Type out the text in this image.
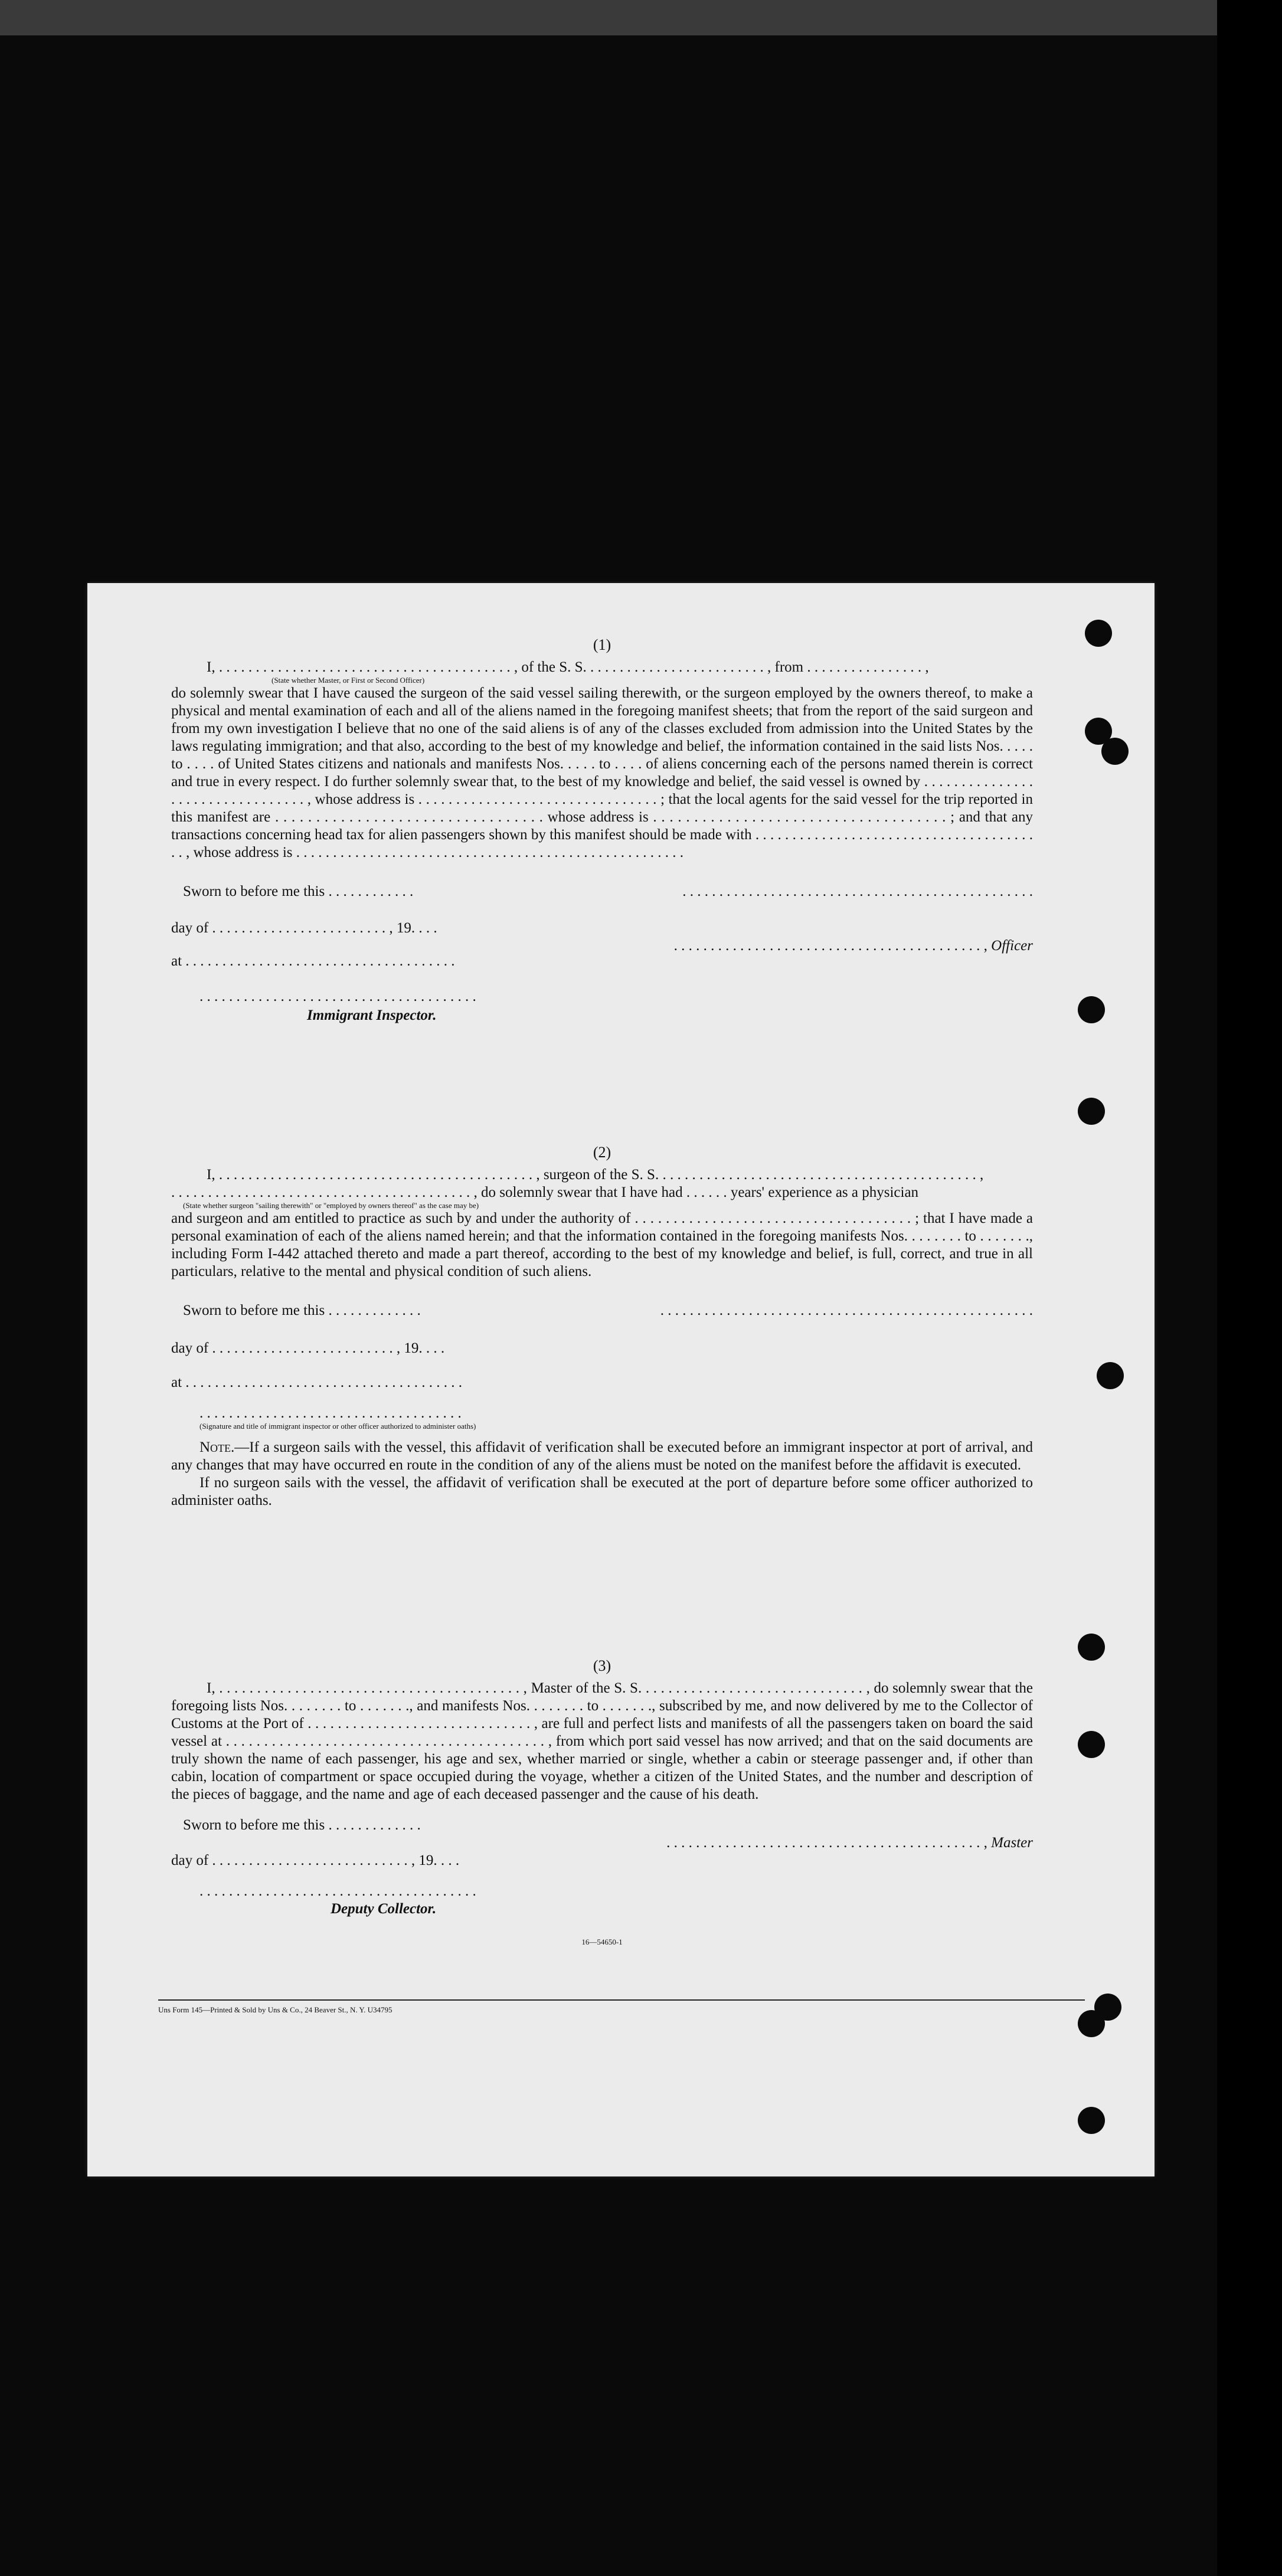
(1)
I, . . . . . . . . . . . . . . . . . . . . . . . . . . . . . . . . . . . . . . . . , of the S. S. . . . . . . . . . . . . . . . . . . . . . . . . , from . . . . . . . . . . . . . . . . ,
(State whether Master, or First or Second Officer)

do solemnly swear that I have caused the surgeon of the said vessel sailing therewith, or the surgeon employed by the owners thereof, to make a physical and mental examination of each and all of the aliens named in the foregoing manifest sheets; that from the report of the said surgeon and from my own investigation I believe that no one of the said aliens is of any of the classes excluded from admission into the United States by the laws regulating immigration; and that also, according to the best of my knowledge and belief, the information contained in the said lists Nos. . . . . to . . . . of United States citizens and nationals and manifests Nos. . . . . to . . . . of aliens concerning each of the persons named therein is correct and true in every respect. I do further solemnly swear that, to the best of my knowledge and belief, the said vessel is owned by . . . . . . . . . . . . . . . . . . . . . . . . . . . . . . . . . , whose address is . . . . . . . . . . . . . . . . . . . . . . . . . . . . . . . . ; that the local agents for the said vessel for the trip reported in this manifest are . . . . . . . . . . . . . . . . . . . . . . . . . . . . . . . . . whose address is . . . . . . . . . . . . . . . . . . . . . . . . . . . . . . . . . . . . ; and that any transactions concerning head tax for alien passengers shown by this manifest should be made with . . . . . . . . . . . . . . . . . . . . . . . . . . . . . . . . . . . . . . . . , whose address is . . . . . . . . . . . . . . . . . . . . . . . . . . . . . . . . . . . . . . . . . . . . . . . . . . . . .

Sworn to before me this . . . . . . . . . . . .	. . . . . . . . . . . . . . . . . . . . . . . . . . . . . . . . . . . . . . . . . . . . . . . .
day of . . . . . . . . . . . . . . . . . . . . . . . . , 19. . . .

. . . . . . . . . . . . . . . . . . . . . . . . . . . . . . . . . . . . . . . . . . , Officer

at . . . . . . . . . . . . . . . . . . . . . . . . . . . . . . . . . . . . .
. . . . . . . . . . . . . . . . . . . . . . . . . . . . . . . . . . . . . .
Immigrant Inspector.
(2)
I, . . . . . . . . . . . . . . . . . . . . . . . . . . . . . . . . . . . . . . . . . . . , surgeon of the S. S. . . . . . . . . . . . . . . . . . . . . . . . . . . . . . . . . . . . . . . . . . . . ,
. . . . . . . . . . . . . . . . . . . . . . . . . . . . . . . . . . . . . . . . . , do solemnly swear that I have had . . . . . . years' experience as a physician
(State whether surgeon "sailing therewith" or "employed by owners thereof" as the case may be)

and surgeon and am entitled to practice as such by and under the authority of . . . . . . . . . . . . . . . . . . . . . . . . . . . . . . . . . . . . ; that I have made a personal examination of each of the aliens named herein; and that the information contained in the foregoing manifests Nos. . . . . . . . to . . . . . . ., including Form I-442 attached thereto and made a part thereof, according to the best of my knowledge and belief, is full, correct, and true in all particulars, relative to the mental and physical condition of such aliens.

Sworn to before me this . . . . . . . . . . . . .	. . . . . . . . . . . . . . . . . . . . . . . . . . . . . . . . . . . . . . . . . . . . . . . . . . .
day of . . . . . . . . . . . . . . . . . . . . . . . . . , 19. . . .
at . . . . . . . . . . . . . . . . . . . . . . . . . . . . . . . . . . . . . .
. . . . . . . . . . . . . . . . . . . . . . . . . . . . . . . . . . . .
(Signature and title of immigrant inspector or other officer authorized to administer oaths)

Note.—If a surgeon sails with the vessel, this affidavit of verification shall be executed before an immigrant inspector at port of arrival, and any changes that may have occurred en route in the condition of any of the aliens must be noted on the manifest before the affidavit is executed.

If no surgeon sails with the vessel, the affidavit of verification shall be executed at the port of departure before some officer authorized to administer oaths.

(3)

I, . . . . . . . . . . . . . . . . . . . . . . . . . . . . . . . . . . . . . . . . , Master of the S. S. . . . . . . . . . . . . . . . . . . . . . . . . . . . . . , do solemnly swear that the foregoing lists Nos. . . . . . . . to . . . . . . ., and manifests Nos. . . . . . . . to . . . . . . ., subscribed by me, and now delivered by me to the Collector of Customs at the Port of . . . . . . . . . . . . . . . . . . . . . . . . . . . . . . , are full and perfect lists and manifests of all the passengers taken on board the said vessel at . . . . . . . . . . . . . . . . . . . . . . . . . . . . . . . . . . . . . . . . . . , from which port said vessel has now arrived; and that on the said documents are truly shown the name of each passenger, his age and sex, whether married or single, whether a cabin or steerage passenger and, if other than cabin, location of compartment or space occupied during the voyage, whether a citizen of the United States, and the number and description of the pieces of baggage, and the name and age of each deceased passenger and the cause of his death.

Sworn to before me this . . . . . . . . . . . . .

. . . . . . . . . . . . . . . . . . . . . . . . . . . . . . . . . . . . . . . . . . . , Master

day of . . . . . . . . . . . . . . . . . . . . . . . . . . . , 19. . . .
. . . . . . . . . . . . . . . . . . . . . . . . . . . . . . . . . . . . . .
Deputy Collector.
16—54650-1
Uns Form 145—Printed & Sold by Uns & Co., 24 Beaver St., N. Y. U34795
